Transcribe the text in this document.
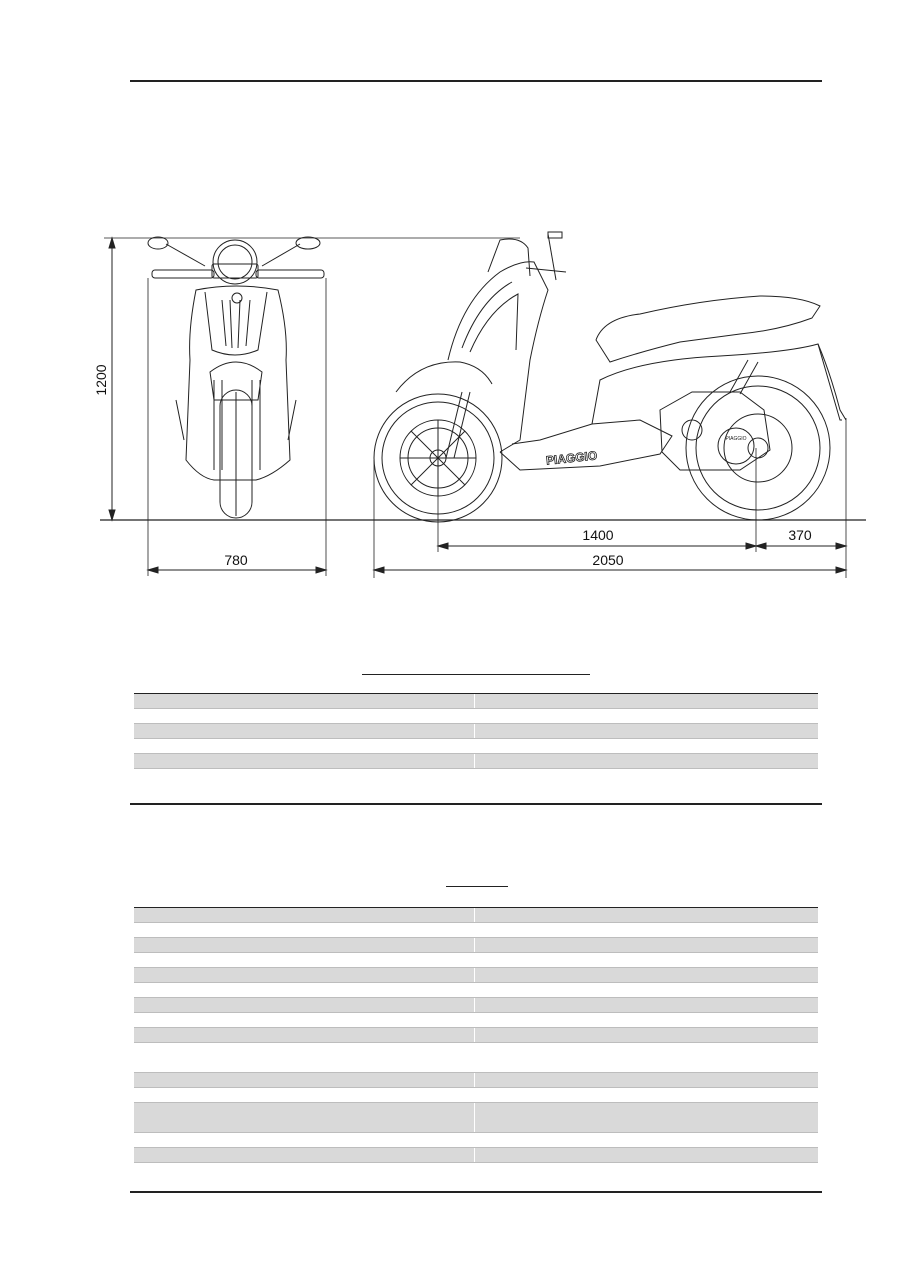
1200
780
1400	370
2050
PIAGGIO
PIAGGIO
